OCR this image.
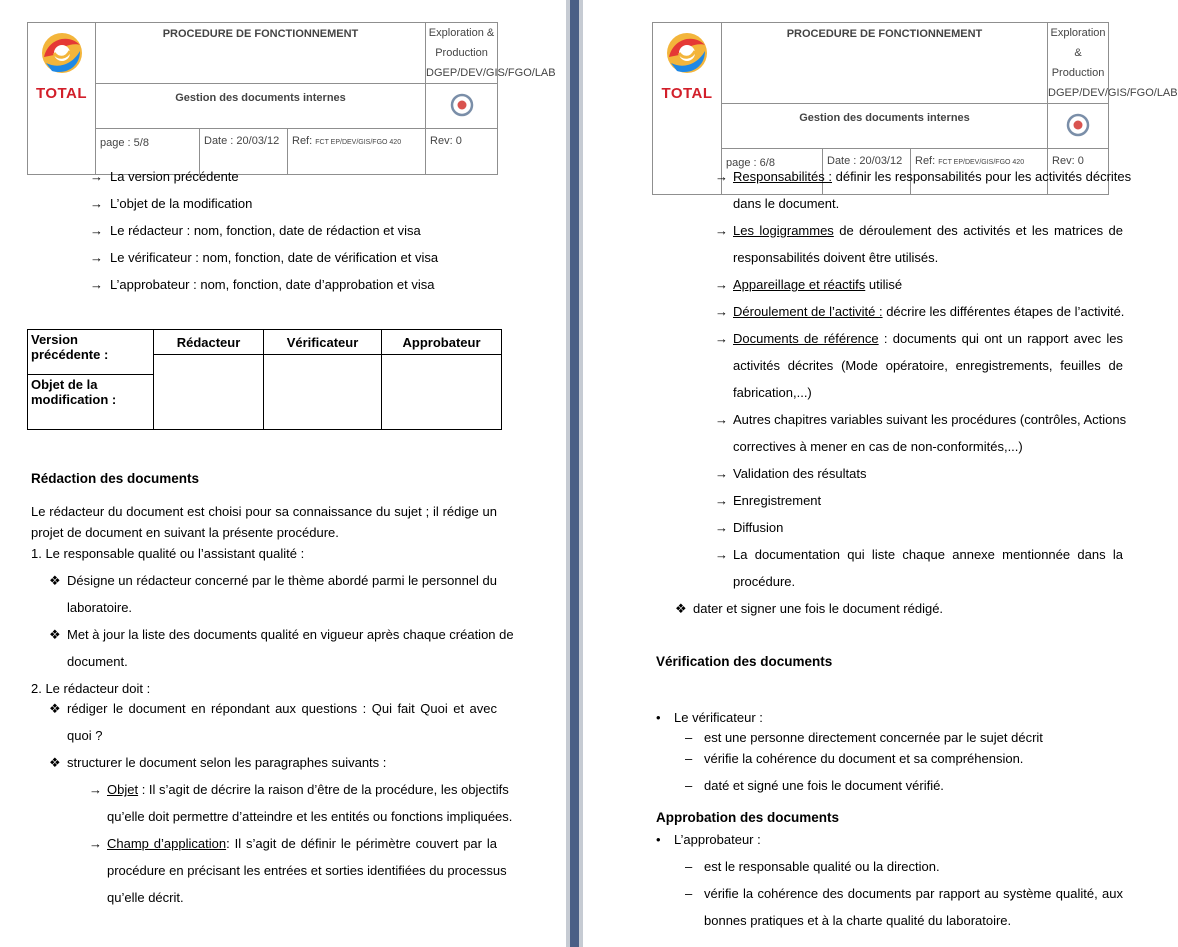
TOTAL	PROCEDURE DE FONCTIONNEMENT			Exploration & Production
DGEP/DEV/GIS/FGO/LAB

	Gestion des documents internes	
	page : 5/8	Date : 20/03/12	Ref: FCT EP/DEV/GIS/FGO 420	Rev: 0
→ La version précédente
→ L’objet de la modification
→ Le rédacteur : nom, fonction, date de rédaction et visa
→ Le vérificateur : nom, fonction, date de vérification et visa
→ L’approbateur : nom, fonction, date d’approbation et visa
Version précédente :	Rédacteur	Vérificateur	Approbateur

Objet de la modification :			
Rédaction des documents
Le rédacteur du document est choisi pour sa connaissance du sujet ; il rédige un
projet de document en suivant la présente procédure.
1. Le responsable qualité ou l’assistant qualité :
❖ Désigne un rédacteur concerné par le thème abordé parmi le personnel du
laboratoire.
❖ Met à jour la liste des documents qualité en vigueur après chaque création de
document.
2. Le rédacteur doit :
❖ rédiger le document en répondant aux questions : Qui fait Quoi et avec
quoi ?
❖ structurer le document selon les paragraphes suivants :
→ Objet : Il s’agit de décrire la raison d’être de la procédure, les objectifs
qu’elle doit permettre d’atteindre et les entités ou fonctions impliquées.
→ Champ d’application: Il s’agit de définir le périmètre couvert par la
procédure en précisant les entrées et sorties identifiées du processus
qu’elle décrit.
TOTAL	PROCEDURE DE FONCTIONNEMENT			Exploration & Production
DGEP/DEV/GIS/FGO/LAB

	Gestion des documents internes	
	page : 6/8	Date : 20/03/12	Ref: FCT EP/DEV/GIS/FGO 420	Rev: 0
→ Responsabilités : définir les responsabilités pour les activités décrites
dans le document.
→ Les logigrammes de déroulement des activités et les matrices de
responsabilités doivent être utilisés.
→ Appareillage et réactifs utilisé
→ Déroulement de l’activité : décrire les différentes étapes de l’activité.
→ Documents de référence : documents qui ont un rapport avec les
activités décrites (Mode opératoire, enregistrements, feuilles de
fabrication,...)
→ Autres chapitres variables suivant les procédures (contrôles, Actions
correctives à mener en cas de non-conformités,...)
→ Validation des résultats
→ Enregistrement
→ Diffusion
→ La documentation qui liste chaque annexe mentionnée dans la
procédure.
❖ dater et signer une fois le document rédigé.
Vérification des documents
• Le vérificateur :
– est une personne directement concernée par le sujet décrit
– vérifie la cohérence du document et sa compréhension.
– daté et signé une fois le document vérifié.
Approbation des documents
• L’approbateur :
– est le responsable qualité ou la direction.
– vérifie la cohérence des documents par rapport au système qualité, aux
bonnes pratiques et à la charte qualité du laboratoire.
